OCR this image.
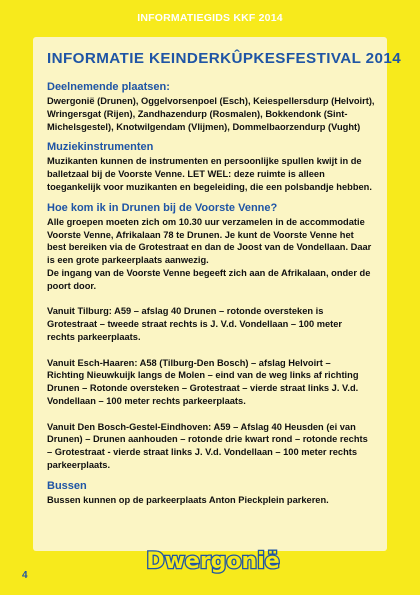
INFORMATIEGIDS KKF 2014
INFORMATIE KEINDERKÛPKESFESTIVAL 2014
Deelnemende plaatsen:
Dwergonië (Drunen), Oggelvorsenpoel (Esch), Keiespellersdurp (Helvoirt),
Wringersgat (Rijen), Zandhazendurp (Rosmalen), Bokkendonk (Sint-
Michelsgestel), Knotwilgendam (Vlijmen), Dommelbaorzendurp (Vught)
Muziekinstrumenten
Muzikanten kunnen de instrumenten en persoonlijke spullen kwijt in de
balletzaal bij de Voorste Venne. LET WEL: deze ruimte is alleen
toegankelijk voor muzikanten en begeleiding, die een polsbandje hebben.
Hoe kom ik in Drunen bij de Voorste Venne?
Alle groepen moeten zich om 10.30 uur verzamelen in de accommodatie
Voorste Venne, Afrikalaan 78 te Drunen. Je kunt de Voorste Venne het
best bereiken via de Grotestraat en dan de Joost van de Vondellaan. Daar
is een grote parkeerplaats aanwezig.
De ingang van de Voorste Venne begeeft zich aan de Afrikalaan, onder de
poort door.
Vanuit Tilburg: A59 – afslag 40 Drunen – rotonde oversteken is
Grotestraat – tweede straat rechts is J. V.d. Vondellaan – 100 meter
rechts parkeerplaats.
Vanuit Esch-Haaren: A58 (Tilburg-Den Bosch) – afslag Helvoirt –
Richting Nieuwkuijk langs de Molen – eind van de weg links af richting
Drunen – Rotonde oversteken – Grotestraat – vierde straat links J. V.d.
Vondellaan – 100 meter rechts parkeerplaats.
Vanuit Den Bosch-Gestel-Eindhoven: A59 – Afslag 40 Heusden (ei van
Drunen) – Drunen aanhouden – rotonde drie kwart rond – rotonde rechts
– Grotestraat - vierde straat links J. V.d. Vondellaan – 100 meter rechts
parkeerplaats.
Bussen
Bussen kunnen op de parkeerplaats Anton Pieckplein parkeren.
Dwergonië
4
